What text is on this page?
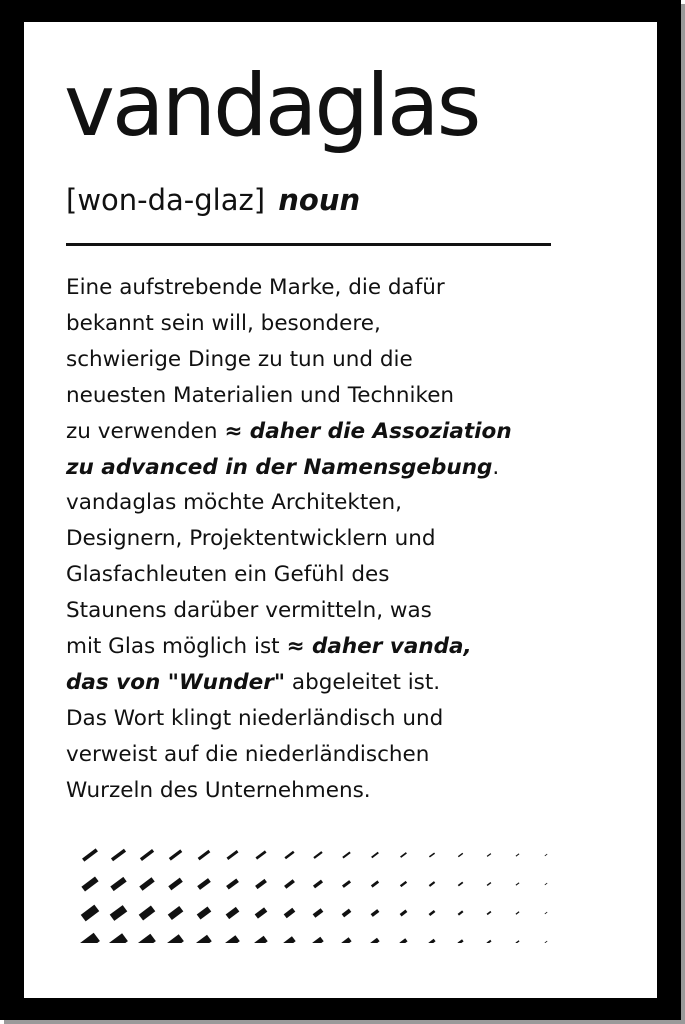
vandaglas
[won-da-glaz] noun
Eine aufstrebende Marke, die dafür
bekannt sein will, besondere,
schwierige Dinge zu tun und die
neuesten Materialien und Techniken
zu verwenden ≈ daher die Assoziation
zu advanced in der Namensgebung.
vandaglas möchte Architekten,
Designern, Projektentwicklern und
Glasfachleuten ein Gefühl des
Staunens darüber vermitteln, was
mit Glas möglich ist ≈ daher vanda,
das von "Wunder" abgeleitet ist.
Das Wort klingt niederländisch und
verweist auf die niederländischen
Wurzeln des Unternehmens.
